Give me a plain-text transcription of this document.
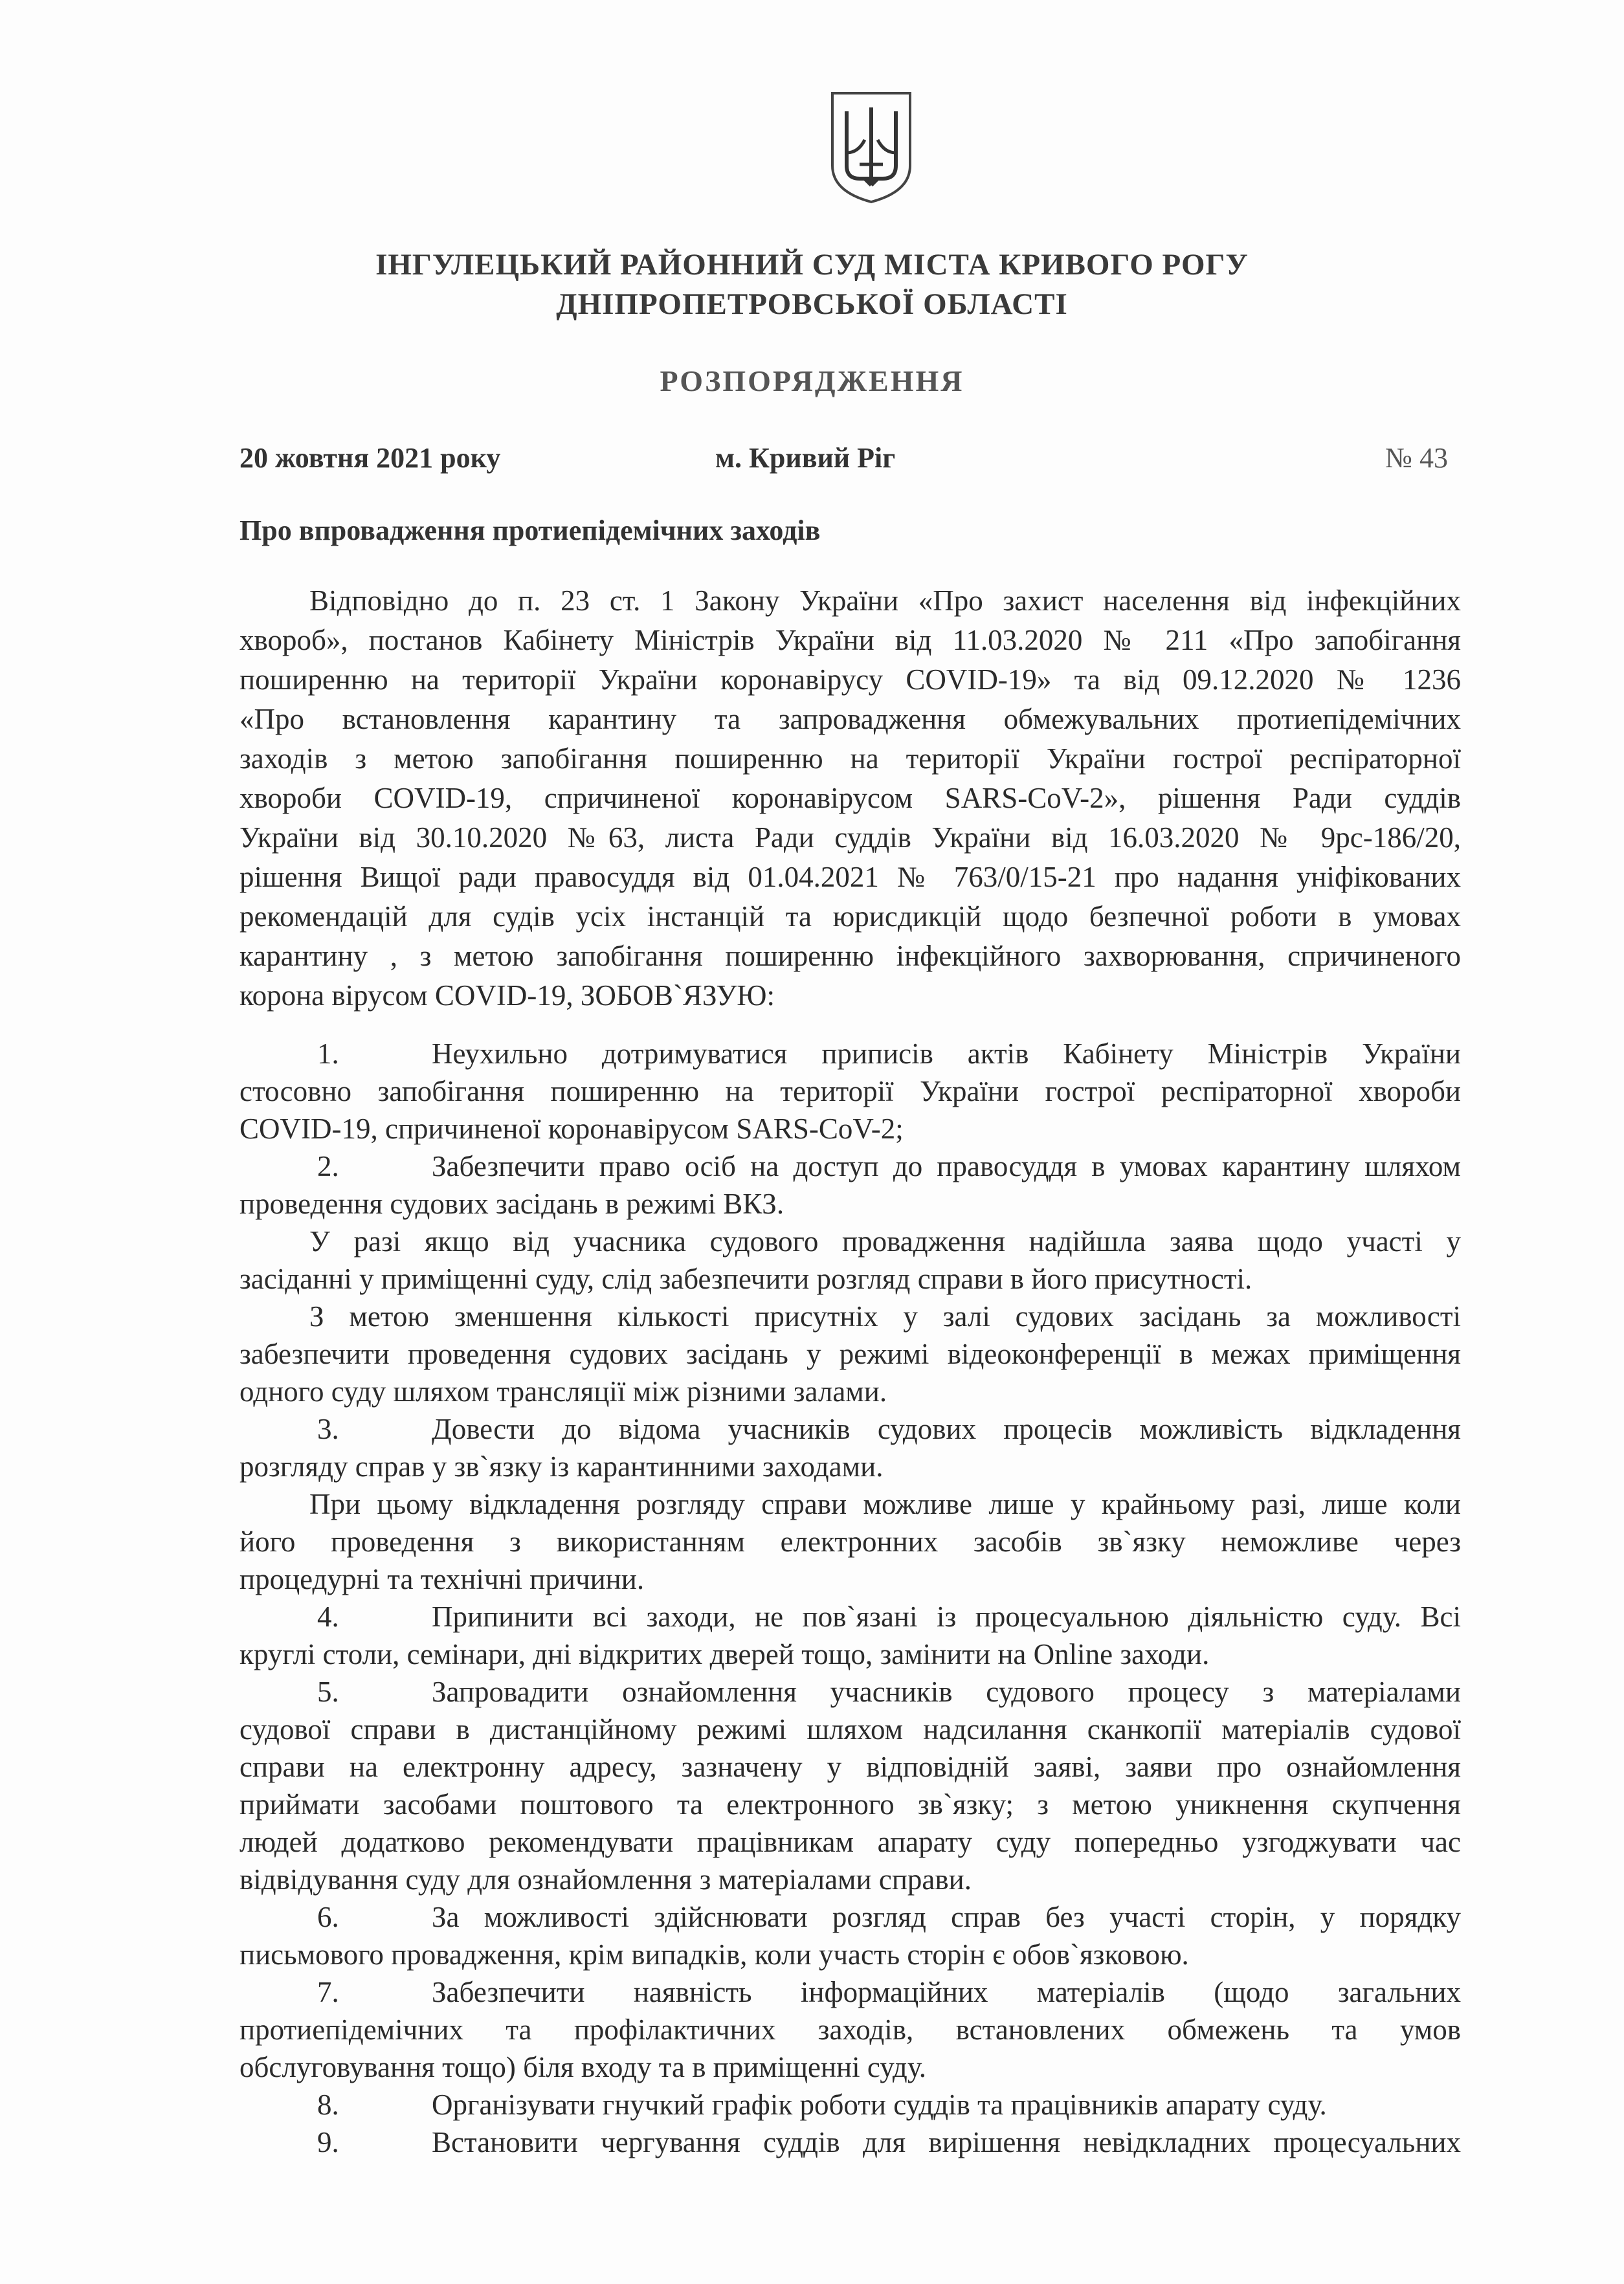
ІНГУЛЕЦЬКИЙ РАЙОННИЙ СУД МІСТА КРИВОГО РОГУ
ДНІПРОПЕТРОВСЬКОЇ ОБЛАСТІ
РОЗПОРЯДЖЕННЯ
20 жовтня 2021 року	м. Кривий Ріг	№ 43
Про впровадження протиепідемічних заходів
Відповідно до п. 23 ст. 1 Закону України «Про захист населення від інфекційних
хвороб», постанов Кабінету Міністрів України від 11.03.2020 № 211 «Про запобігання
поширенню на території України коронавірусу COVID-19» та від 09.12.2020 № 1236
«Про встановлення карантину та запровадження обмежувальних протиепідемічних
заходів з метою запобігання поширенню на території України гострої респіраторної
хвороби COVID-19, спричиненої коронавірусом SARS-CoV-2», рішення Ради суддів
України від 30.10.2020 №63, листа Ради суддів України від 16.03.2020 № 9рс-186/20,
рішення Вищої ради правосуддя від 01.04.2021 № 763/0/15-21 про надання уніфікованих
рекомендацій для судів усіх інстанцій та юрисдикцій щодо безпечної роботи в умовах
карантину , з метою запобігання поширенню інфекційного захворювання, спричиненого
корона вірусом COVID-19, ЗОБОВ`ЯЗУЮ:
1.	Неухильно дотримуватися приписів актів Кабінету Міністрів України
стосовно запобігання поширенню на території України гострої респіраторної хвороби
COVID-19, спричиненої коронавірусом SARS-CoV-2;
2.	Забезпечити право осіб на доступ до правосуддя в умовах карантину шляхом
проведення судових засідань в режимі ВКЗ.
У разі якщо від учасника судового провадження надійшла заява щодо участі у
засіданні у приміщенні суду, слід забезпечити розгляд справи в його присутності.
З метою зменшення кількості присутніх у залі судових засідань за можливості
забезпечити проведення судових засідань у режимі відеоконференції в межах приміщення
одного суду шляхом трансляції між різними залами.
3.	Довести до відома учасників судових процесів можливість відкладення
розгляду справ у зв`язку із карантинними заходами.
При цьому відкладення розгляду справи можливе лише у крайньому разі, лише коли
його проведення з використанням електронних засобів зв`язку неможливе через
процедурні та технічні причини.
4.	Припинити всі заходи, не пов`язані із процесуальною діяльністю суду. Всі
круглі столи, семінари, дні відкритих дверей тощо, замінити на Online заходи.
5.	Запровадити ознайомлення учасників судового процесу з матеріалами
судової справи в дистанційному режимі шляхом надсилання сканкопії матеріалів судової
справи на електронну адресу, зазначену у відповідній заяві, заяви про ознайомлення
приймати засобами поштового та електронного зв`язку; з метою уникнення скупчення
людей додатково рекомендувати працівникам апарату суду попередньо узгоджувати час
відвідування суду для ознайомлення з матеріалами справи.
6.	За можливості здійснювати розгляд справ без участі сторін, у порядку
письмового провадження, крім випадків, коли участь сторін є обов`язковою.
7.	Забезпечити наявність інформаційних матеріалів (щодо загальних
протиепідемічних та профілактичних заходів, встановлених обмежень та умов
обслуговування тощо) біля входу та в приміщенні суду.
8.	Організувати гнучкий графік роботи суддів та працівників апарату суду.
9.	Встановити чергування суддів для вирішення невідкладних процесуальних
